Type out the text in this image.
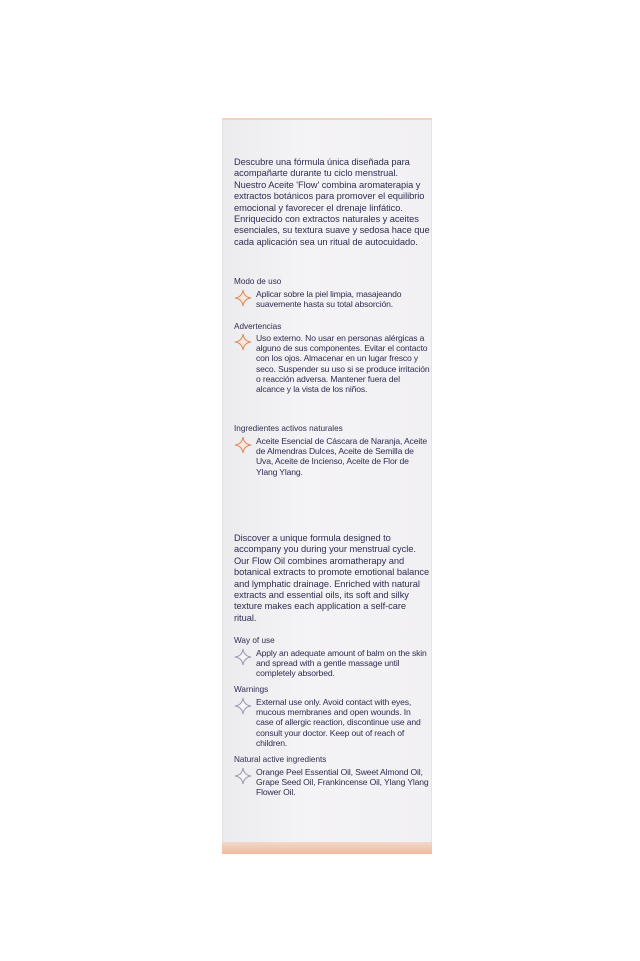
Descubre una fórmula única diseñada para acompañarte durante tu ciclo menstrual. Nuestro Aceite 'Flow' combina aromaterapia y extractos botánicos para promover el equilibrio emocional y favorecer el drenaje linfático. Enriquecido con extractos naturales y aceites esenciales, su textura suave y sedosa hace que cada aplicación sea un ritual de autocuidado.
Modo de uso
Aplicar sobre la piel limpia, masajeando suavemente hasta su total absorción.
Advertencias
Uso externo. No usar en personas alérgicas a alguno de sus componentes. Evitar el contacto con los ojos. Almacenar en un lugar fresco y seco. Suspender su uso si se produce irritación o reacción adversa. Mantener fuera del alcance y la vista de los niños.
Ingredientes activos naturales
Aceite Esencial de Cáscara de Naranja, Aceite de Almendras Dulces, Aceite de Semilla de Uva, Aceite de Incienso, Aceite de Flor de Ylang Ylang.
Discover a unique formula designed to accompany you during your menstrual cycle. Our Flow Oil combines aromatherapy and botanical extracts to promote emotional balance and lymphatic drainage. Enriched with natural extracts and essential oils, its soft and silky texture makes each application a self-care ritual.
Way of use
Apply an adequate amount of balm on the skin and spread with a gentle massage until completely absorbed.
Warnings
External use only. Avoid contact with eyes, mucous membranes and open wounds. In case of allergic reaction, discontinue use and consult your doctor. Keep out of reach of children.
Natural active ingredients
Orange Peel Essential Oil, Sweet Almond Oil, Grape Seed Oil, Frankincense Oil, Ylang Ylang Flower Oil.
